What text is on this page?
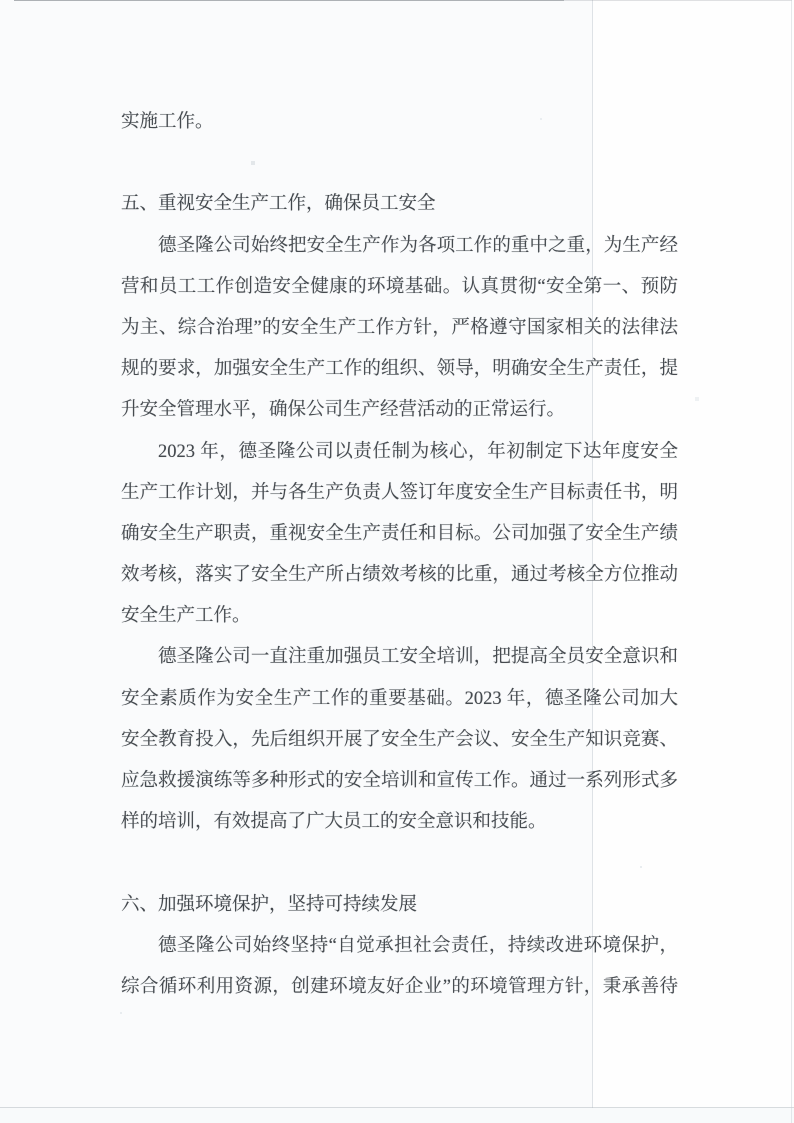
实施工作。
五、重视安全生产工作，确保员工安全
德圣隆公司始终把安全生产作为各项工作的重中之重，为生产经
营和员工工作创造安全健康的环境基础。认真贯彻“安全第一、预防
为主、综合治理”的安全生产工作方针，严格遵守国家相关的法律法
规的要求，加强安全生产工作的组织、领导，明确安全生产责任，提
升安全管理水平，确保公司生产经营活动的正常运行。
2023 年，德圣隆公司以责任制为核心，年初制定下达年度安全
生产工作计划，并与各生产负责人签订年度安全生产目标责任书，明
确安全生产职责，重视安全生产责任和目标。公司加强了安全生产绩
效考核，落实了安全生产所占绩效考核的比重，通过考核全方位推动
安全生产工作。
德圣隆公司一直注重加强员工安全培训，把提高全员安全意识和
安全素质作为安全生产工作的重要基础。2023 年，德圣隆公司加大
安全教育投入，先后组织开展了安全生产会议、安全生产知识竞赛、
应急救援演练等多种形式的安全培训和宣传工作。通过一系列形式多
样的培训，有效提高了广大员工的安全意识和技能。
六、加强环境保护，坚持可持续发展
德圣隆公司始终坚持“自觉承担社会责任，持续改进环境保护，
综合循环利用资源，创建环境友好企业”的环境管理方针，秉承善待
